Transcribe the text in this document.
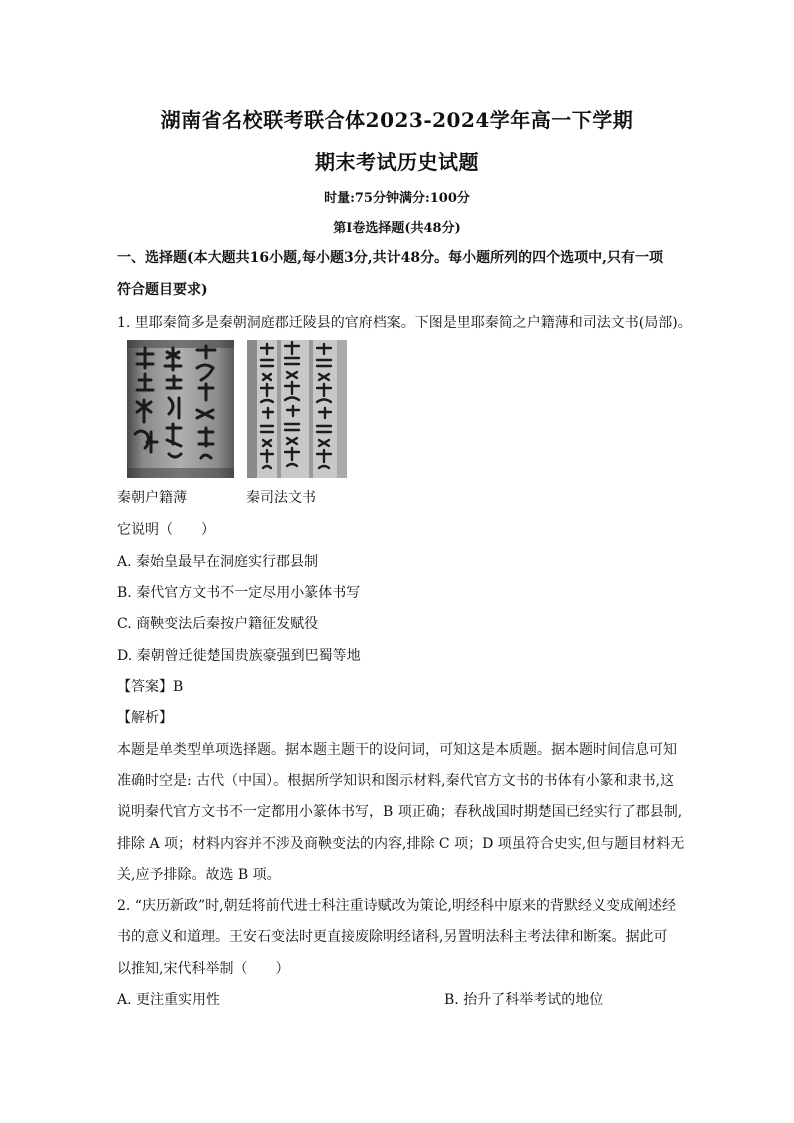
湖南省名校联考联合体2023-2024学年高一下学期
期末考试历史试题
时量:75分钟满分:100分
第I卷选择题(共48分)
一、选择题(本大题共16小题,每小题3分,共计48分。每小题所列的四个选项中,只有一项
符合题目要求)
1. 里耶秦简多是秦朝洞庭郡迁陵县的官府档案。下图是里耶秦简之户籍薄和司法文书(局部)。
秦朝户籍薄	秦司法文书
它说明（　　）
A. 秦始皇最早在洞庭实行郡县制
B. 秦代官方文书不一定尽用小篆体书写
C. 商鞅变法后秦按户籍征发赋役
D. 秦朝曾迁徙楚国贵族豪强到巴蜀等地
【答案】B
【解析】
本题是单类型单项选择题。据本题主题干的设问词，可知这是本质题。据本题时间信息可知
准确时空是: 古代（中国）。根据所学知识和图示材料,秦代官方文书的书体有小篆和隶书,这
说明秦代官方文书不一定都用小篆体书写，B 项正确；春秋战国时期楚国已经实行了郡县制,
排除 A 项；材料内容并不涉及商鞅变法的内容,排除 C 项；D 项虽符合史实,但与题目材料无
关,应予排除。故选 B 项。
2. “庆历新政”时,朝廷将前代进士科注重诗赋改为策论,明经科中原来的背默经义变成阐述经
书的意义和道理。王安石变法时更直接废除明经诸科,另置明法科主考法律和断案。据此可
以推知,宋代科举制（　　）
A. 更注重实用性	B. 抬升了科举考试的地位
